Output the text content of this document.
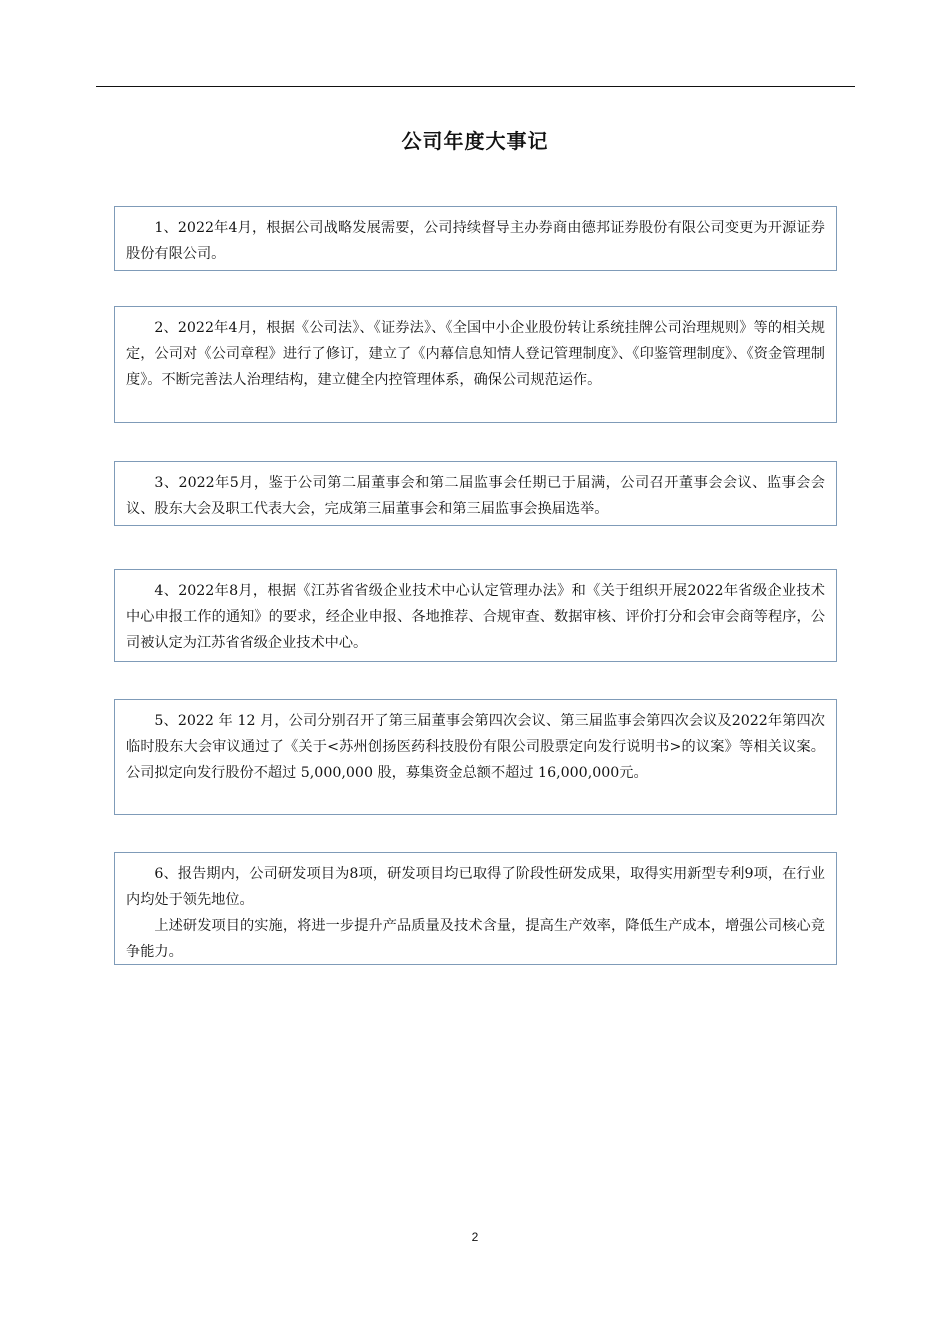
公司年度大事记

1、2022年4月，根据公司战略发展需要，公司持续督导主办券商由德邦证券股份有限公司变更为开源证券股份有限公司。

2、2022年4月，根据《公司法》、《证券法》、《全国中小企业股份转让系统挂牌公司治理规则》等的相关规定，公司对《公司章程》进行了修订，建立了《内幕信息知情人登记管理制度》、《印鉴管理制度》、《资金管理制度》。不断完善法人治理结构，建立健全内控管理体系，确保公司规范运作。

3、2022年5月，鉴于公司第二届董事会和第二届监事会任期已于届满，公司召开董事会会议、监事会会议、股东大会及职工代表大会，完成第三届董事会和第三届监事会换届选举。

4、2022年8月，根据《江苏省省级企业技术中心认定管理办法》和《关于组织开展2022年省级企业技术中心申报工作的通知》的要求，经企业申报、各地推荐、合规审查、数据审核、评价打分和会审会商等程序，公司被认定为江苏省省级企业技术中心。

5、2022 年 12 月，公司分别召开了第三届董事会第四次会议、第三届监事会第四次会议及2022年第四次临时股东大会审议通过了《关于<苏州创扬医药科技股份有限公司股票定向发行说明书>的议案》等相关议案。公司拟定向发行股份不超过 5,000,000 股，募集资金总额不超过 16,000,000元。

6、报告期内，公司研发项目为8项，研发项目均已取得了阶段性研发成果，取得实用新型专利9项，在行业内均处于领先地位。

上述研发项目的实施，将进一步提升产品质量及技术含量，提高生产效率，降低生产成本，增强公司核心竞争能力。

2
